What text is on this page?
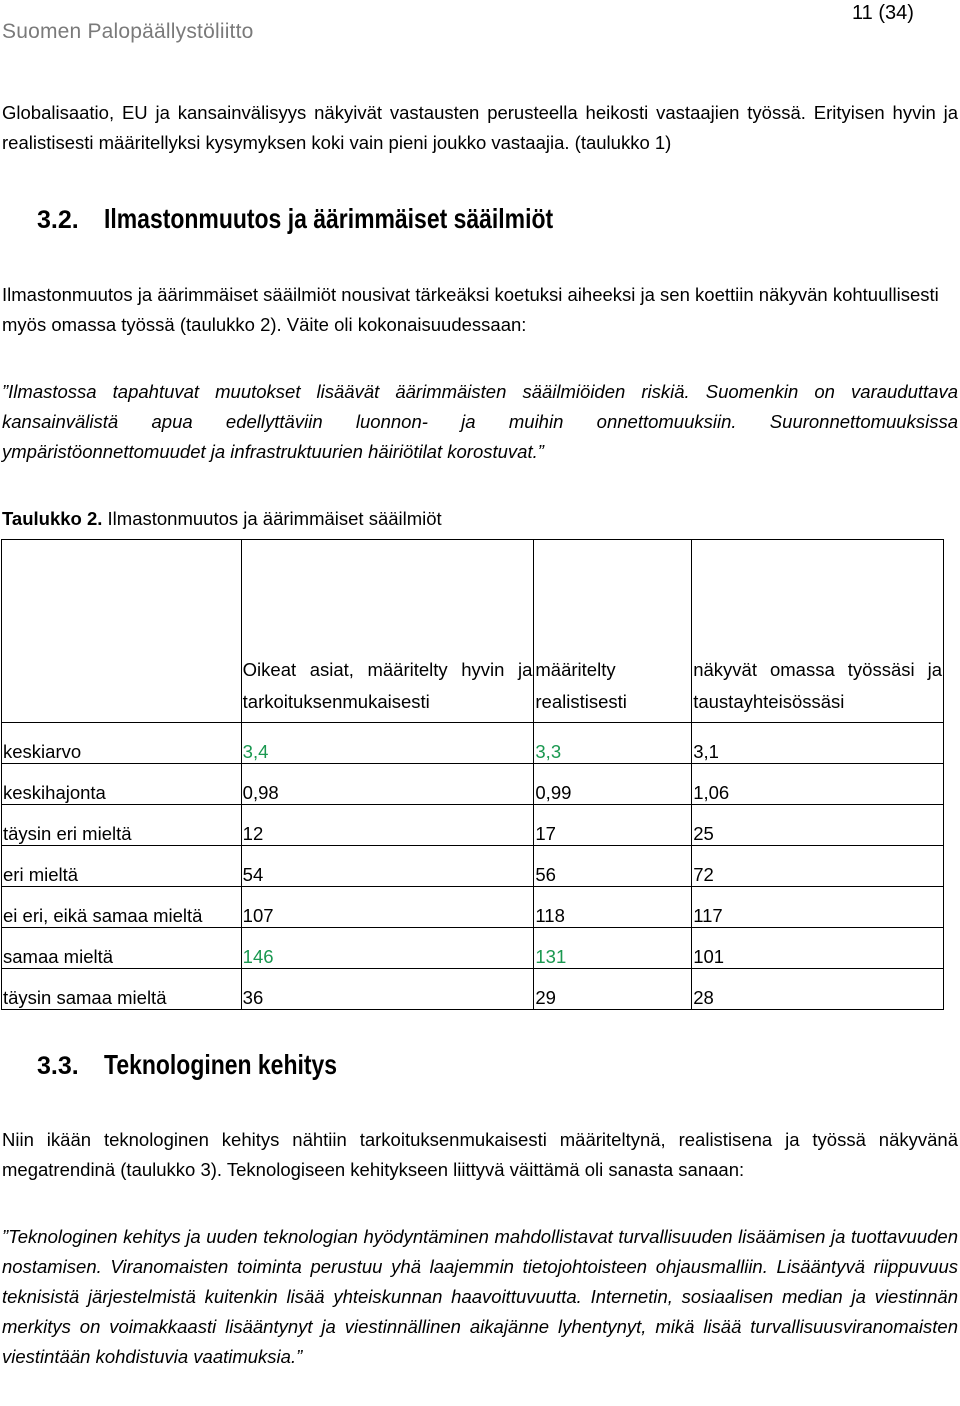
Suomen Palopäällystöliitto
11 (34)

Globalisaatio, EU ja kansainvälisyys näkyivät vastausten perusteella heikosti vastaajien työssä. Erityisen hyvin ja realistisesti määritellyksi kysymyksen koki vain pieni joukko vastaajia. (taulukko 1)

3.2. Ilmastonmuutos ja äärimmäiset sääilmiöt

Ilmastonmuutos ja äärimmäiset sääilmiöt nousivat tärkeäksi koetuksi aiheeksi ja sen koettiin näkyvän kohtuullisesti myös omassa työssä (taulukko 2). Väite oli kokonaisuudessaan:

”Ilmastossa tapahtuvat muutokset lisäävät äärimmäisten sääilmiöiden riskiä. Suomenkin on varauduttava kansainvälistä apua edellyttäviin luonnon- ja muihin onnettomuuksiin. Suuronnettomuuksissa ympäristöonnettomuudet ja infrastruktuurien häiriötilat korostuvat.”

Taulukko 2. Ilmastonmuutos ja äärimmäiset sääilmiöt
	Oikeat asiat, määritelty hyvin ja tarkoituksenmukaisesti	määritelty realistisesti	näkyvät omassa työssäsi ja taustayhteisössäsi
keskiarvo	3,4	3,3	3,1
keskihajonta	0,98	0,99	1,06
täysin eri mieltä	12	17	25
eri mieltä	54	56	72
ei eri, eikä samaa mieltä	107	118	117
samaa mieltä	146	131	101
täysin samaa mieltä	36	29	28
3.3. Teknologinen kehitys

Niin ikään teknologinen kehitys nähtiin tarkoituksenmukaisesti määriteltynä, realistisena ja työssä näkyvänä megatrendinä (taulukko 3). Teknologiseen kehitykseen liittyvä väittämä oli sanasta sanaan:

”Teknologinen kehitys ja uuden teknologian hyödyntäminen mahdollistavat turvallisuuden lisäämisen ja tuottavuuden nostamisen. Viranomaisten toiminta perustuu yhä laajemmin tietojohtoisteen ohjausmalliin. Lisääntyvä riippuvuus teknisistä järjestelmistä kuitenkin lisää yhteiskunnan haavoittuvuutta. Internetin, sosiaalisen median ja viestinnän merkitys on voimakkaasti lisääntynyt ja viestinnällinen aikajänne lyhentynyt, mikä lisää turvallisuusviranomaisten viestintään kohdistuvia vaatimuksia.”
